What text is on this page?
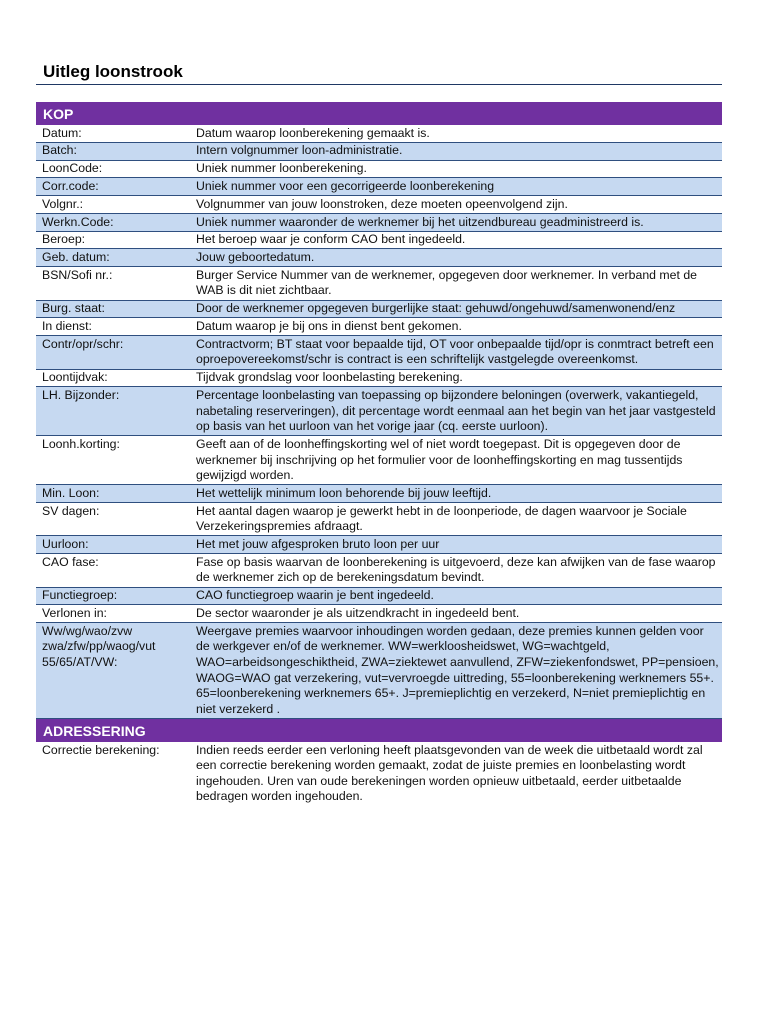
Uitleg loonstrook
KOP	
Datum:	Datum waarop loonberekening gemaakt is.
Batch:	Intern volgnummer loon-administratie.
LoonCode:	Uniek nummer loonberekening.
Corr.code:	Uniek nummer voor een gecorrigeerde loonberekening
Volgnr.:	Volgnummer van jouw loonstroken, deze moeten opeenvolgend zijn.
Werkn.Code:	Uniek nummer waaronder de werknemer bij het uitzendbureau geadministreerd is.
Beroep:	Het beroep waar je conform CAO bent ingedeeld.
Geb. datum:	Jouw geboortedatum.
BSN/Sofi nr.:	Burger Service Nummer van de werknemer, opgegeven door werknemer. In verband met de WAB is dit niet zichtbaar.
Burg. staat:	Door de werknemer opgegeven burgerlijke staat: gehuwd/ongehuwd/samenwonend/enz
In dienst:	Datum waarop je bij ons in dienst bent gekomen.
Contr/opr/schr:	Contractvorm; BT staat voor bepaalde tijd, OT voor onbepaalde tijd/opr is conmtract betreft een oproepovereekomst/schr is contract is een schriftelijk vastgelegde overeenkomst.
Loontijdvak:	Tijdvak grondslag voor loonbelasting berekening.
LH. Bijzonder:	Percentage loonbelasting van toepassing op bijzondere beloningen (overwerk, vakantiegeld, nabetaling reserveringen), dit percentage wordt eenmaal aan het begin van het jaar vastgesteld op basis van het uurloon van het vorige jaar (cq. eerste uurloon).
Loonh.korting:	Geeft aan of de loonheffingskorting wel of niet wordt toegepast. Dit is opgegeven door de werknemer bij inschrijving op het formulier voor de loonheffingskorting en mag tussentijds gewijzigd worden.
Min. Loon:	Het wettelijk minimum loon behorende bij jouw leeftijd.
SV dagen:	Het aantal dagen waarop je gewerkt hebt in de loonperiode, de dagen waarvoor je Sociale Verzekeringspremies afdraagt.
Uurloon:	Het met jouw afgesproken bruto loon per uur
CAO fase:	Fase op basis waarvan de loonberekening is uitgevoerd, deze kan afwijken van de fase waarop de werknemer zich op de berekeningsdatum bevindt.
Functiegroep:	CAO functiegroep waarin je bent ingedeeld.
Verlonen in:	De sector waaronder je als uitzendkracht in ingedeeld bent.
Ww/wg/wao/zvw zwa/zfw/pp/waog/vut 55/65/AT/VW:	Weergave premies waarvoor inhoudingen worden gedaan, deze premies kunnen gelden voor de werkgever en/of de werknemer. WW=werkloosheidswet, WG=wachtgeld, WAO=arbeidsongeschiktheid, ZWA=ziektewet aanvullend, ZFW=ziekenfondswet, PP=pensioen, WAOG=WAO gat verzekering, vut=vervroegde uittreding, 55=loonberekening werknemers 55+. 65=loonberekening werknemers 65+. J=premieplichtig en verzekerd, N=niet premieplichtig en niet verzekerd .
ADRESSERING	
Correctie berekening:	Indien reeds eerder een verloning heeft plaatsgevonden van de week die uitbetaald wordt zal een correctie berekening worden gemaakt, zodat de juiste premies en loonbelasting wordt ingehouden. Uren van oude berekeningen worden opnieuw uitbetaald, eerder uitbetaalde bedragen worden ingehouden.
